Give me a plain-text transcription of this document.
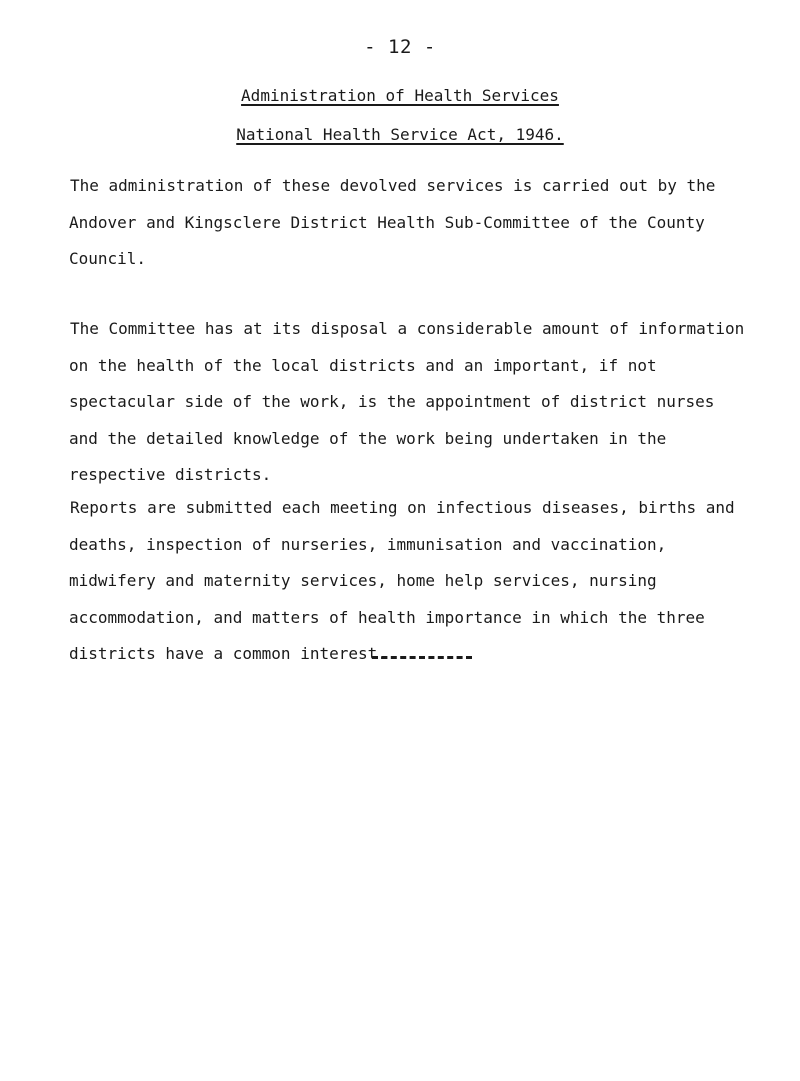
- 12 -
Administration of Health Services
National Health Service Act, 1946.

The administration of these devolved services is carried out by the Andover and Kingsclere District Health Sub-Committee of the County Council.

The Committee has at its disposal a considerable amount of information on the health of the local districts and an important, if not spectacular side of the work, is the appointment of district nurses and the detailed knowledge of the work being undertaken in the respective districts.

Reports are submitted each meeting on infectious diseases, births and deaths, inspection of nurseries, immunisation and vaccination, midwifery and maternity services, home help services, nursing accommodation, and matters of health importance in which the three districts have a common interest.
